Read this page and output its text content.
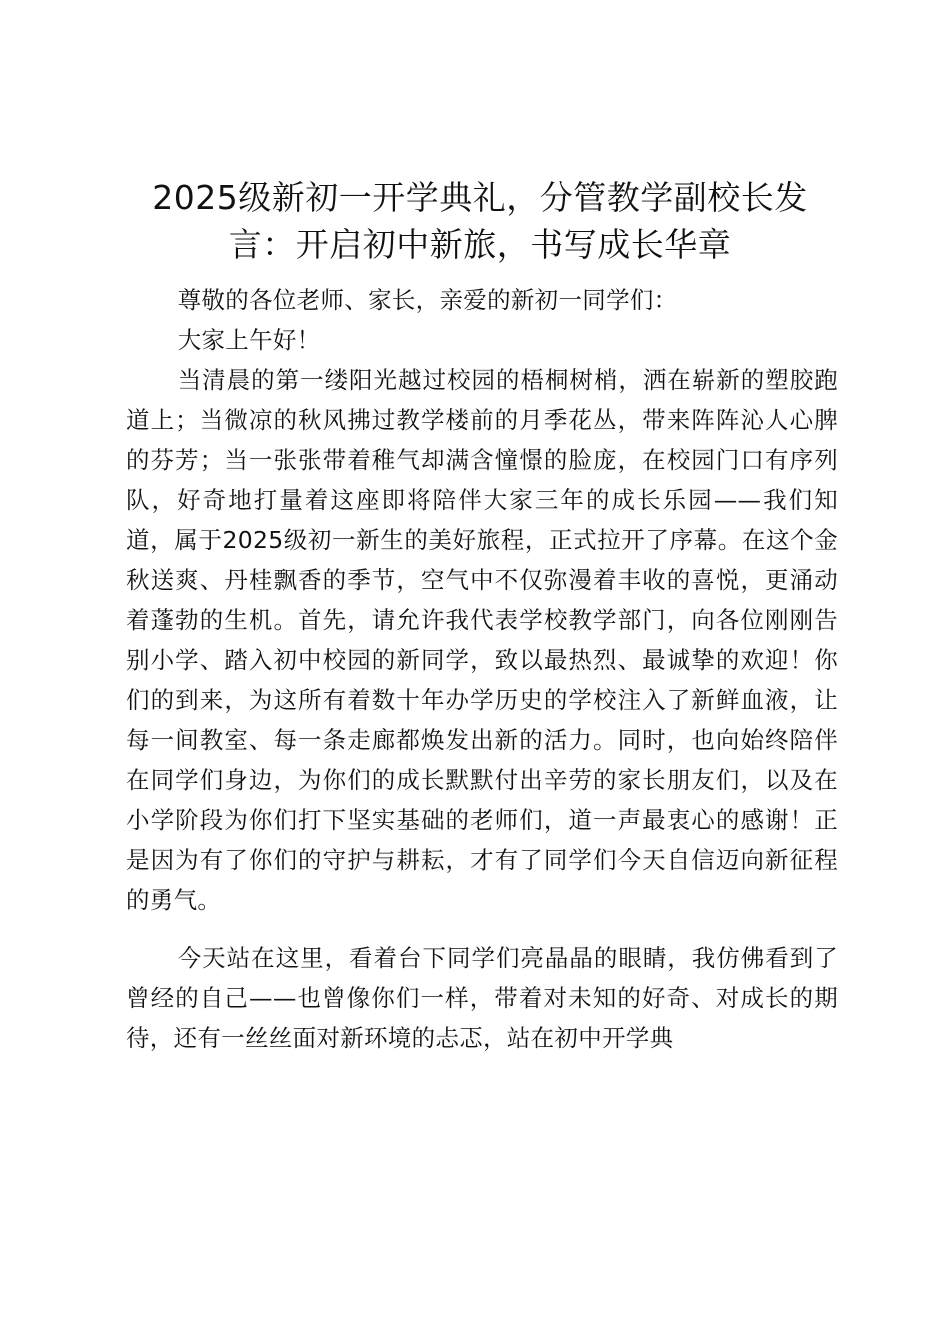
2025级新初一开学典礼，分管教学副校长发言：开启初中新旅，书写成长华章

尊敬的各位老师、家长，亲爱的新初一同学们：

大家上午好！

当清晨的第一缕阳光越过校园的梧桐树梢，洒在崭新的塑胶跑道上；当微凉的秋风拂过教学楼前的月季花丛，带来阵阵沁人心脾的芬芳；当一张张带着稚气却满含憧憬的脸庞，在校园门口有序列队，好奇地打量着这座即将陪伴大家三年的成长乐园——我们知道，属于2025级初一新生的美好旅程，正式拉开了序幕。在这个金秋送爽、丹桂飘香的季节，空气中不仅弥漫着丰收的喜悦，更涌动着蓬勃的生机。首先，请允许我代表学校教学部门，向各位刚刚告别小学、踏入初中校园的新同学，致以最热烈、最诚挚的欢迎！你们的到来，为这所有着数十年办学历史的学校注入了新鲜血液，让每一间教室、每一条走廊都焕发出新的活力。同时，也向始终陪伴在同学们身边，为你们的成长默默付出辛劳的家长朋友们，以及在小学阶段为你们打下坚实基础的老师们，道一声最衷心的感谢！正是因为有了你们的守护与耕耘，才有了同学们今天自信迈向新征程的勇气。

今天站在这里，看着台下同学们亮晶晶的眼睛，我仿佛看到了曾经的自己——也曾像你们一样，带着对未知的好奇、对成长的期待，还有一丝丝面对新环境的忐忑，站在初中开学典
